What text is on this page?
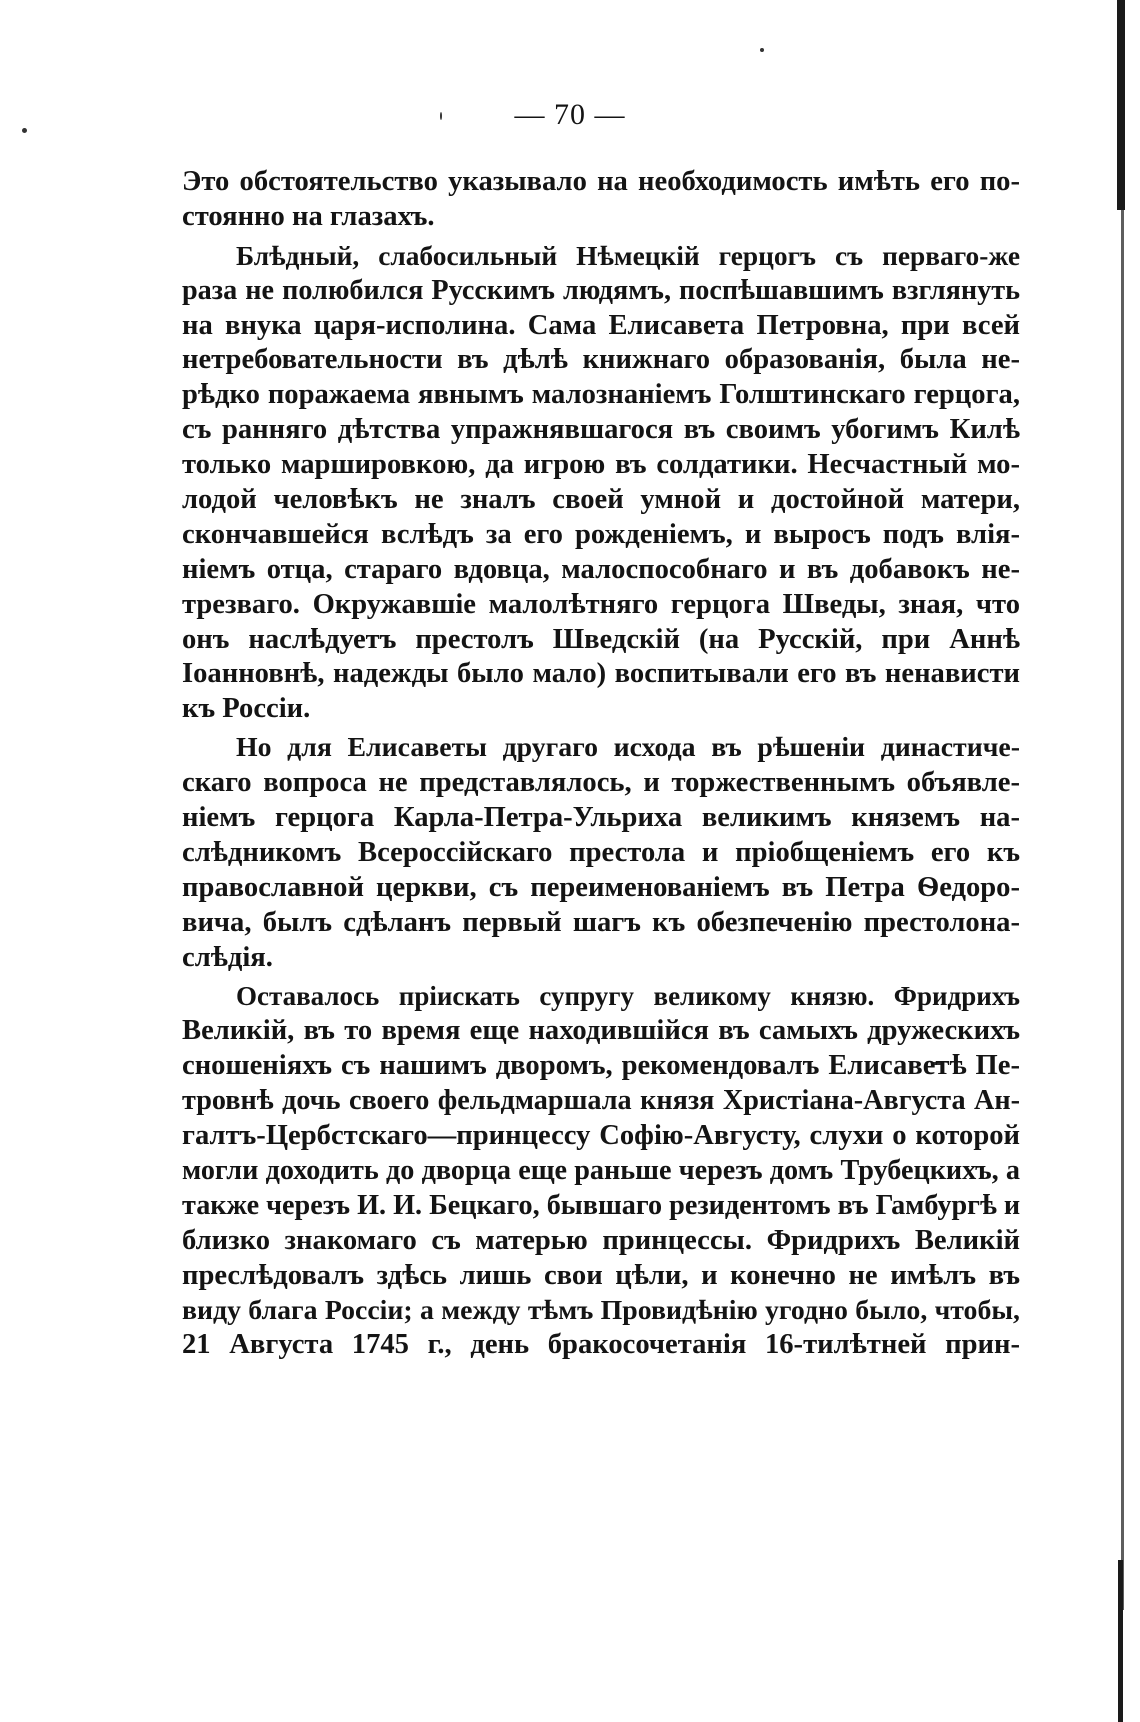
— 70 —
Это обстоятельство указывало на необходимость имѣть его по-
стоянно на глазахъ.
Блѣдный, слабосильный Нѣмецкій герцогъ съ перваго-же
раза не полюбился Русскимъ людямъ, поспѣшавшимъ взглянуть
на внука царя-исполина. Сама Елисавета Петровна, при всей
нетребовательности въ дѣлѣ книжнаго образованія, была не-
рѣдко поражаема явнымъ малознаніемъ Голштинскаго герцога,
съ ранняго дѣтства упражнявшагося въ своимъ убогимъ Килѣ
только маршировкою, да игрою въ солдатики. Несчастный мо-
лодой человѣкъ не зналъ своей умной и достойной матери,
скончавшейся вслѣдъ за его рожденіемъ, и выросъ подъ влія-
ніемъ отца, стараго вдовца, малоспособнаго и въ добавокъ не-
трезваго. Окружавшіе малолѣтняго герцога Шведы, зная, что
онъ наслѣдуетъ престолъ Шведскій (на Русскій, при Аннѣ
Іоанновнѣ, надежды было мало) воспитывали его въ ненависти
къ Россіи.
Но для Елисаветы другаго исхода въ рѣшеніи династиче-
скаго вопроса не представлялось, и торжественнымъ объявле-
ніемъ герцога Карла-Петра-Ульриха великимъ княземъ на-
слѣдникомъ Всероссійскаго престола и пріобщеніемъ его къ
православной церкви, съ переименованіемъ въ Петра Ѳедоро-
вича, былъ сдѣланъ первый шагъ къ обезпеченію престолона-
слѣдія.
Оставалось пріискать супругу великому князю. Фридрихъ
Великій, въ то время еще находившійся въ самыхъ дружескихъ
сношеніяхъ съ нашимъ дворомъ, рекомендовалъ Елисаветѣ Пе-
тровнѣ дочь своего фельдмаршала князя Христіана-Августа Ан-
галтъ-Цербстскаго—принцессу Софію-Августу, слухи о которой
могли доходить до дворца еще раньше черезъ домъ Трубецкихъ, а
также черезъ И. И. Бецкаго, бывшаго резидентомъ въ Гамбургѣ и
близко знакомаго съ матерью принцессы. Фридрихъ Великій
преслѣдовалъ здѣсь лишь свои цѣли, и конечно не имѣлъ въ
виду блага Россіи; а между тѣмъ Провидѣнію угодно было, чтобы,
21 Августа 1745 г., день бракосочетанія 16-тилѣтней прин-
